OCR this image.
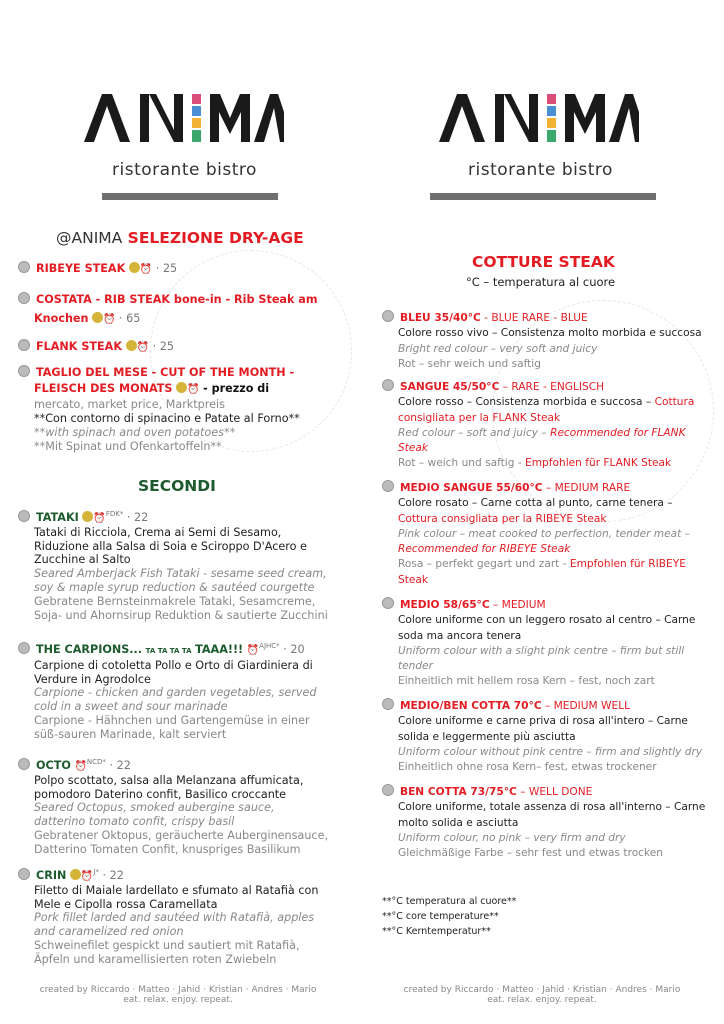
ristorante bistro
@ANIMA SELEZIONE DRY-AGE
RIBEYE STEAK ⏰ · 25
COSTATA - RIB STEAK bone-in - Rib Steak am
Knochen ⏰ · 65
FLANK STEAK ⏰ · 25
TAGLIO DEL MESE - CUT OF THE MONTH -
FLEISCH DES MONATS ⏰ - prezzo di

mercato, market price, Marktpreis
**Con contorno di spinacino e Patate al Forno**
**with spinach and oven potatoes**
**Mit Spinat und Ofenkartoffeln**
SECONDI
TATAKI ⏰$^{FDK*}$ · 22
Tataki di Ricciola, Crema ai Semi di Sesamo,
Riduzione alla Salsa di Soia e Sciroppo D'Acero e
Zucchine al Salto
Seared Amberjack Fish Tataki - sesame seed cream,
soy & maple syrup reduction & sautéed courgette
Gebratene Bernsteinmakrele Tataki, Sesamcreme,
Soja- und Ahornsirup Reduktion & sautierte Zucchini
THE CARPIONS... TA TA TA TA TAAA!!! ⏰$^{AJHC*}$ · 20
Carpione di cotoletta Pollo e Orto di Giardiniera di
Verdure in Agrodolce
Carpione - chicken and garden vegetables, served
cold in a sweet and sour marinade
Carpione - Hähnchen und Gartengemüse in einer
süß-sauren Marinade, kalt serviert
OCTO ⏰$^{NCD*}$ · 22
Polpo scottato, salsa alla Melanzana affumicata,
pomodoro Daterino confit, Basilico croccante
Seared Octopus, smoked aubergine sauce,
datterino tomato confit, crispy basil
Gebratener Oktopus, geräucherte Auberginensauce,
Datterino Tomaten Confit, knuspriges Basilikum
CRIN ⏰$^{J*}$ · 22
Filetto di Maiale lardellato e sfumato al Ratafià con
Mele e Cipolla rossa Caramellata
Pork fillet larded and sautéed with Ratafià, apples
and caramelized red onion
Schweinefilet gespickt und sautiert mit Ratafià,
Äpfeln und karamellisierten roten Zwiebeln
created by Riccardo · Matteo · Jahid · Kristian · Andres · Mario
eat. relax. enjoy. repeat.
ristorante bistro
COTTURE STEAK
°C – temperatura al cuore
BLEU 35/40°C - BLUE RARE - BLUE
Colore rosso vivo – Consistenza molto morbida e succosa
Bright red colour – very soft and juicy
Rot – sehr weich und saftig
SANGUE 45/50°C – RARE - ENGLISCH
Colore rosso – Consistenza morbida e succosa – Cottura
consigliata per la FLANK Steak
Red colour – soft and juicy – Recommended for FLANK
Steak
Rot – weich und saftig - Empfohlen für FLANK Steak
MEDIO SANGUE 55/60°C – MEDIUM RARE
Colore rosato – Carne cotta al punto, carne tenera –
Cottura consigliata per la RIBEYE Steak
Pink colour – meat cooked to perfection, tender meat –
Recommended for RIBEYE Steak
Rosa – perfekt gegart und zart - Empfohlen für RIBEYE
Steak
MEDIO 58/65°C – MEDIUM
Colore uniforme con un leggero rosato al centro – Carne
soda ma ancora tenera
Uniform colour with a slight pink centre – firm but still
tender
Einheitlich mit hellem rosa Kern – fest, noch zart
MEDIO/BEN COTTA 70°C – MEDIUM WELL
Colore uniforme e carne priva di rosa all'intero – Carne
solida e leggermente più asciutta
Uniform colour without pink centre – firm and slightly dry
Einheitlich ohne rosa Kern– fest, etwas trockener
BEN COTTA 73/75°C – WELL DONE
Colore uniforme, totale assenza di rosa all'interno – Carne
molto solida e asciutta
Uniform colour, no pink – very firm and dry
Gleichmäßige Farbe – sehr fest und etwas trocken
**°C temperatura al cuore**
**°C core temperature**
**°C Kerntemperatur**
created by Riccardo · Matteo · Jahid · Kristian · Andres · Mario
eat. relax. enjoy. repeat.
